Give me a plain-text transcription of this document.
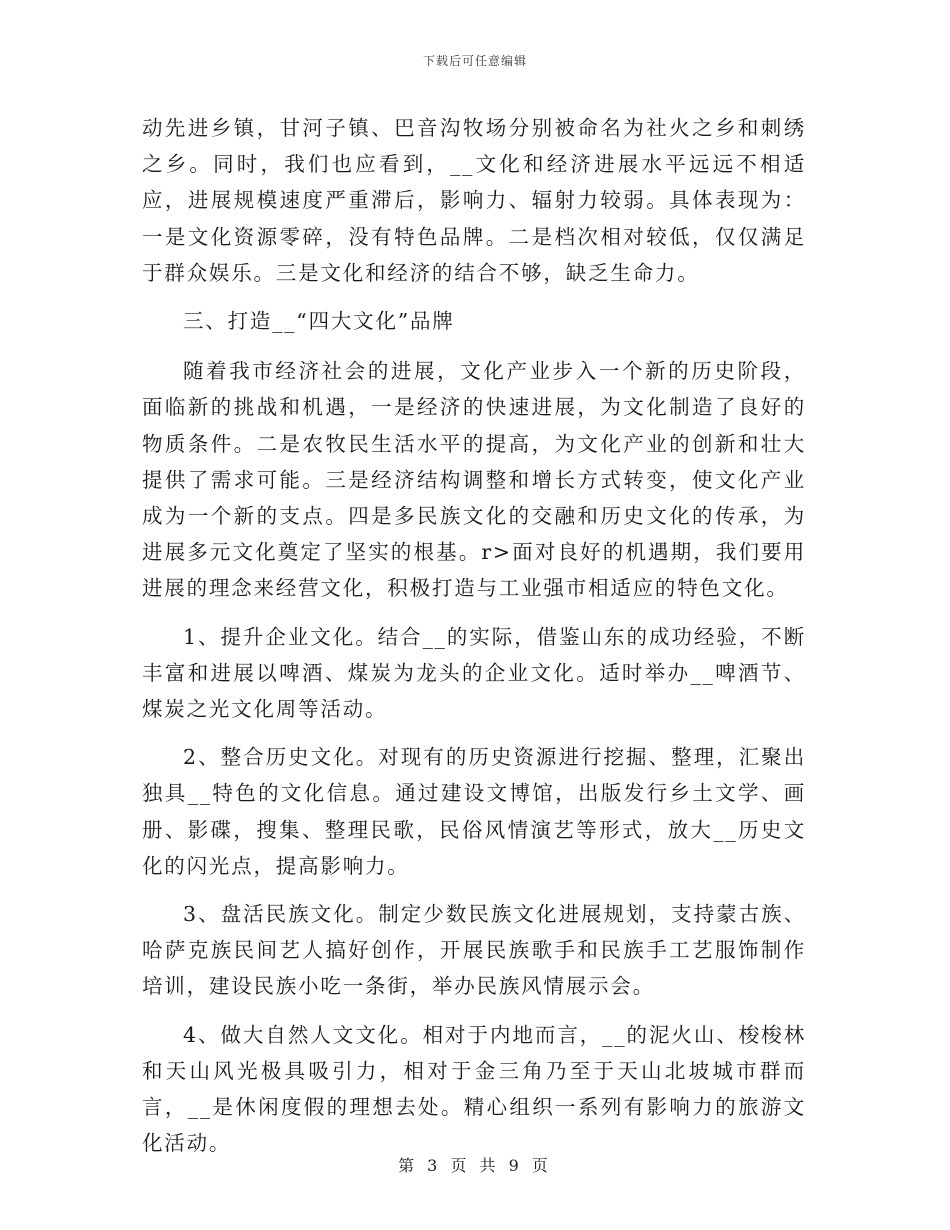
下载后可任意编辑

动先进乡镇，甘河子镇、巴音沟牧场分别被命名为社火之乡和刺绣之乡。同时，我们也应看到，__文化和经济进展水平远远不相适应，进展规模速度严重滞后，影响力、辐射力较弱。具体表现为：一是文化资源零碎，没有特色品牌。二是档次相对较低，仅仅满足于群众娱乐。三是文化和经济的结合不够，缺乏生命力。

三、打造__“四大文化”品牌

随着我市经济社会的进展，文化产业步入一个新的历史阶段，面临新的挑战和机遇，一是经济的快速进展，为文化制造了良好的物质条件。二是农牧民生活水平的提高，为文化产业的创新和壮大提供了需求可能。三是经济结构调整和增长方式转变，使文化产业成为一个新的支点。四是多民族文化的交融和历史文化的传承，为进展多元文化奠定了坚实的根基。r>面对良好的机遇期，我们要用进展的理念来经营文化，积极打造与工业强市相适应的特色文化。

1、提升企业文化。结合__的实际，借鉴山东的成功经验，不断丰富和进展以啤酒、煤炭为龙头的企业文化。适时举办__啤酒节、煤炭之光文化周等活动。

2、整合历史文化。对现有的历史资源进行挖掘、整理，汇聚出独具__特色的文化信息。通过建设文博馆，出版发行乡土文学、画册、影碟，搜集、整理民歌，民俗风情演艺等形式，放大__历史文化的闪光点，提高影响力。

3、盘活民族文化。制定少数民族文化进展规划，支持蒙古族、哈萨克族民间艺人搞好创作，开展民族歌手和民族手工艺服饰制作培训，建设民族小吃一条街，举办民族风情展示会。

4、做大自然人文文化。相对于内地而言，__的泥火山、梭梭林和天山风光极具吸引力，相对于金三角乃至于天山北坡城市群而言，__是休闲度假的理想去处。精心组织一系列有影响力的旅游文化活动。

第 3 页 共 9 页
